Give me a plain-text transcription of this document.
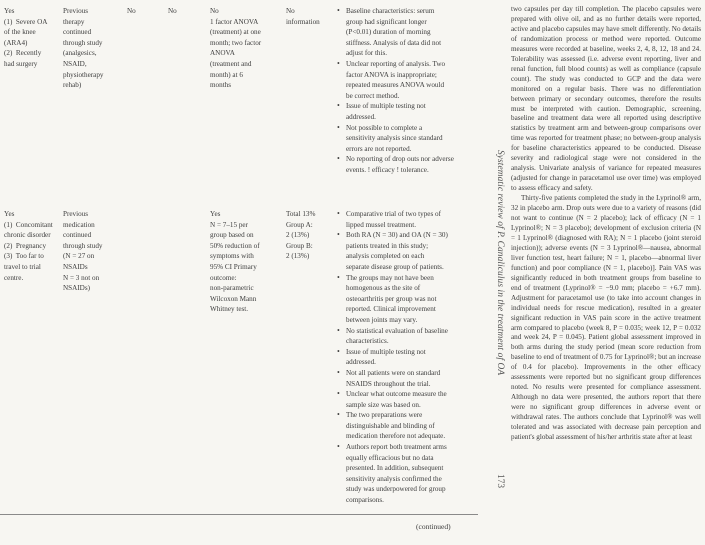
Yes
(1)  Severe OA
of the knee
(ARA4)
(2)  Recently
had surgery

Previous
therapy
continued
through study
(analgesics,
NSAID,
physiotherapy
rehab)

No	No	No
1 factor ANOVA
(treatment) at one
month; two factor
ANOVA
(treatment and
month) at 6
months

No
information

• Baseline characteristics: serum
group had significant longer
(P<0.01) duration of morning
stiffness. Analysis of data did not
adjust for this.
• Unclear reporting of analysis. Two
factor ANOVA is inappropriate;
repeated measures ANOVA would
be correct method.
• Issue of multiple testing not
addressed.
• Not possible to complete a
sensitivity analysis since standard
errors are not reported.
• No reporting of drop outs nor adverse
events. ! efficacy ! tolerance.

Yes
(1)  Concomitant
chronic disorder
(2)  Pregnancy
(3)  Too far to
travel to trial
centre.

Previous
medication
continued
through study
(N = 27 on
NSAIDs
N = 3 not on
NSAIDs)

Yes
N = 7–15 per
group based on
50% reduction of
symptoms with
95% CI Primary
outcome:
non-parametric
Wilcoxon Mann
Whitney test.

Total 13%
Group A:
2 (13%)
Group B:
2 (13%)

• Comparative trial of two types of
lipped mussel treatment.
• Both RA (N = 30) and OA (N = 30)
patients treated in this study;
analysis completed on each
separate disease group of patients.
• The groups may not have been
homogenous as the site of
osteoarthritis per group was not
reported. Clinical improvement
between joints may vary.
• No statistical evaluation of baseline
characteristics.
• Issue of multiple testing not
addressed.
• Not all patients were on standard
NSAIDS throughout the trial.
• Unclear what outcome measure the
sample size was based on.
• The two preparations were
distinguishable and blinding of
medication therefore not adequate.
• Authors report both treatment arms
equally efficacious but no data
presented. In addition, subsequent
sensitivity analysis confirmed the
study was underpowered for group
comparisons.
(continued)
Systematic review of P. Canaliculus in the treatment of OA
173

two capsules per day till completion. The placebo capsules were prepared with olive oil, and as no further details were reported, active and placebo capsules may have smelt differently. No details of randomization process or method were reported. Outcome measures were recorded at baseline, weeks 2, 4, 8, 12, 18 and 24. Tolerability was assessed (i.e. adverse event reporting, liver and renal function, full blood counts) as well as compliance (capsule count). The study was conducted to GCP and the data were monitored on a regular basis. There was no differentiation between primary or secondary outcomes, therefore the results must be interpreted with caution. Demographic, screening, baseline and treatment data were all reported using descriptive statistics by treatment arm and between-group comparisons over time was reported for treatment phase; no between-group analysis for baseline characteristics appeared to be conducted. Disease severity and radiological stage were not considered in the analysis. Univariate analysis of variance for repeated measures (adjusted for change in paracetamol use over time) was employed to assess efficacy and safety.

Thirty-five patients completed the study in the Lyprinol® arm, 32 in placebo arm. Drop outs were due to a variety of reasons (did not want to continue (N = 2 placebo); lack of efficacy (N = 1 Lyprinol®; N = 3 placebo); development of exclusion criteria (N = 1 Lyprinol® (diagnosed with RA); N = 1 placebo (joint steroid injection)); adverse events (N = 3 Lyprinol®—nausea, abnormal liver function test, heart failure; N = 1, placebo—abnormal liver function) and poor compliance (N = 1, placebo)]. Pain VAS was significantly reduced in both treatment groups from baseline to end of treatment (Lyprinol® = −9.0 mm; placebo = +6.7 mm). Adjustment for paracetamol use (to take into account changes in individual needs for rescue medication), resulted in a greater significant reduction in VAS pain score in the active treatment arm compared to placebo (week 8, P = 0.035; week 12, P = 0.032 and week 24, P = 0.045). Patient global assessment improved in both arms during the study period (mean score reduction from baseline to end of treatment of 0.75 for Lyprinol®; but an increase of 0.4 for placebo). Improvements in the other efficacy assessments were reported but no significant group differences noted. No results were presented for compliance assessment. Although no data were presented, the authors report that there were no significant group differences in adverse event or withdrawal rates. The authors conclude that Lyprinol® was well tolerated and was associated with decrease pain perception and patient's global assessment of his/her arthritis state after at least
